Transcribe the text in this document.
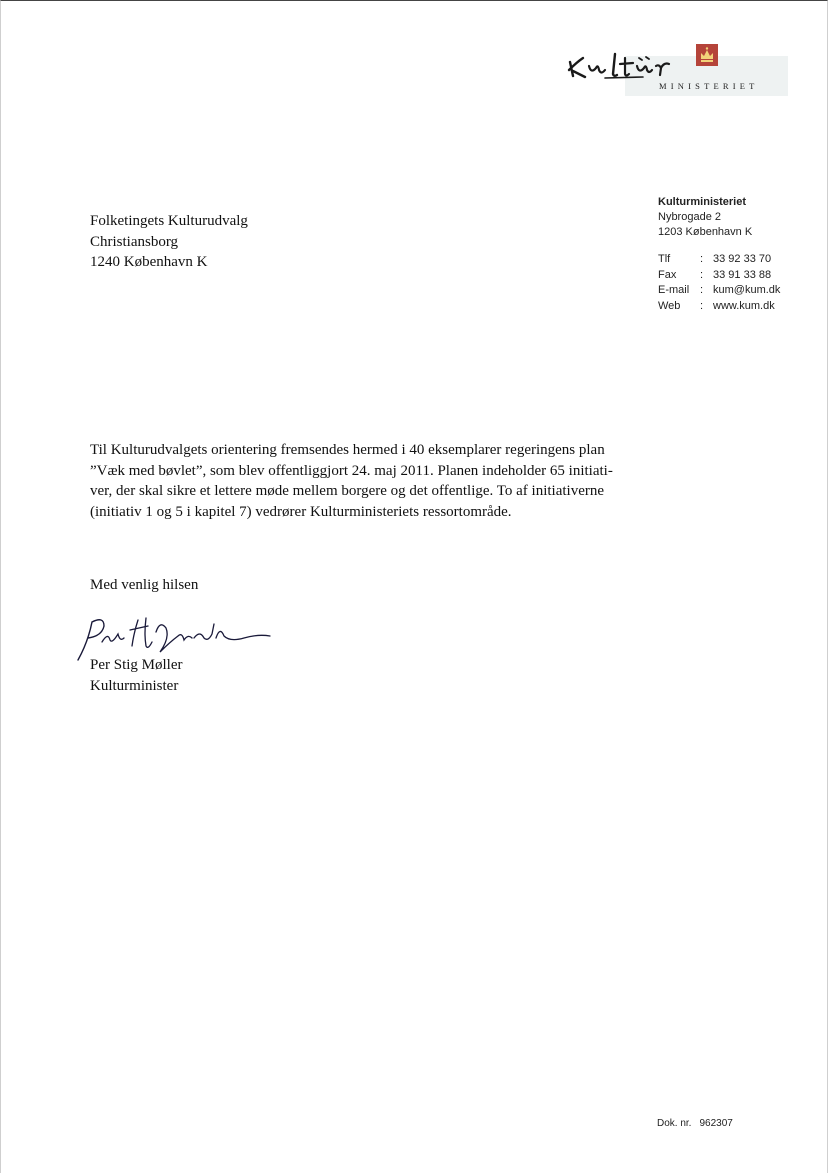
MINISTERIET
Folketingets Kulturudvalg
Christiansborg
1240 København K
Kulturministeriet
Nybrogade 2
1203 København K
Tlf	:	33 92 33 70
Fax	:	33 91 33 88
E-mail	:	kum@kum.dk
Web	:	www.kum.dk
Til Kulturudvalgets orientering fremsendes hermed i 40 eksemplarer regeringens plan
”Væk med bøvlet”, som blev offentliggjort 24. maj 2011. Planen indeholder 65 initiati-
ver, der skal sikre et lettere møde mellem borgere og det offentlige. To af initiativerne
(initiativ 1 og 5 i kapitel 7) vedrører Kulturministeriets ressortområde.
Med venlig hilsen
Per Stig Møller
Kulturminister
Dok. nr. 962307
